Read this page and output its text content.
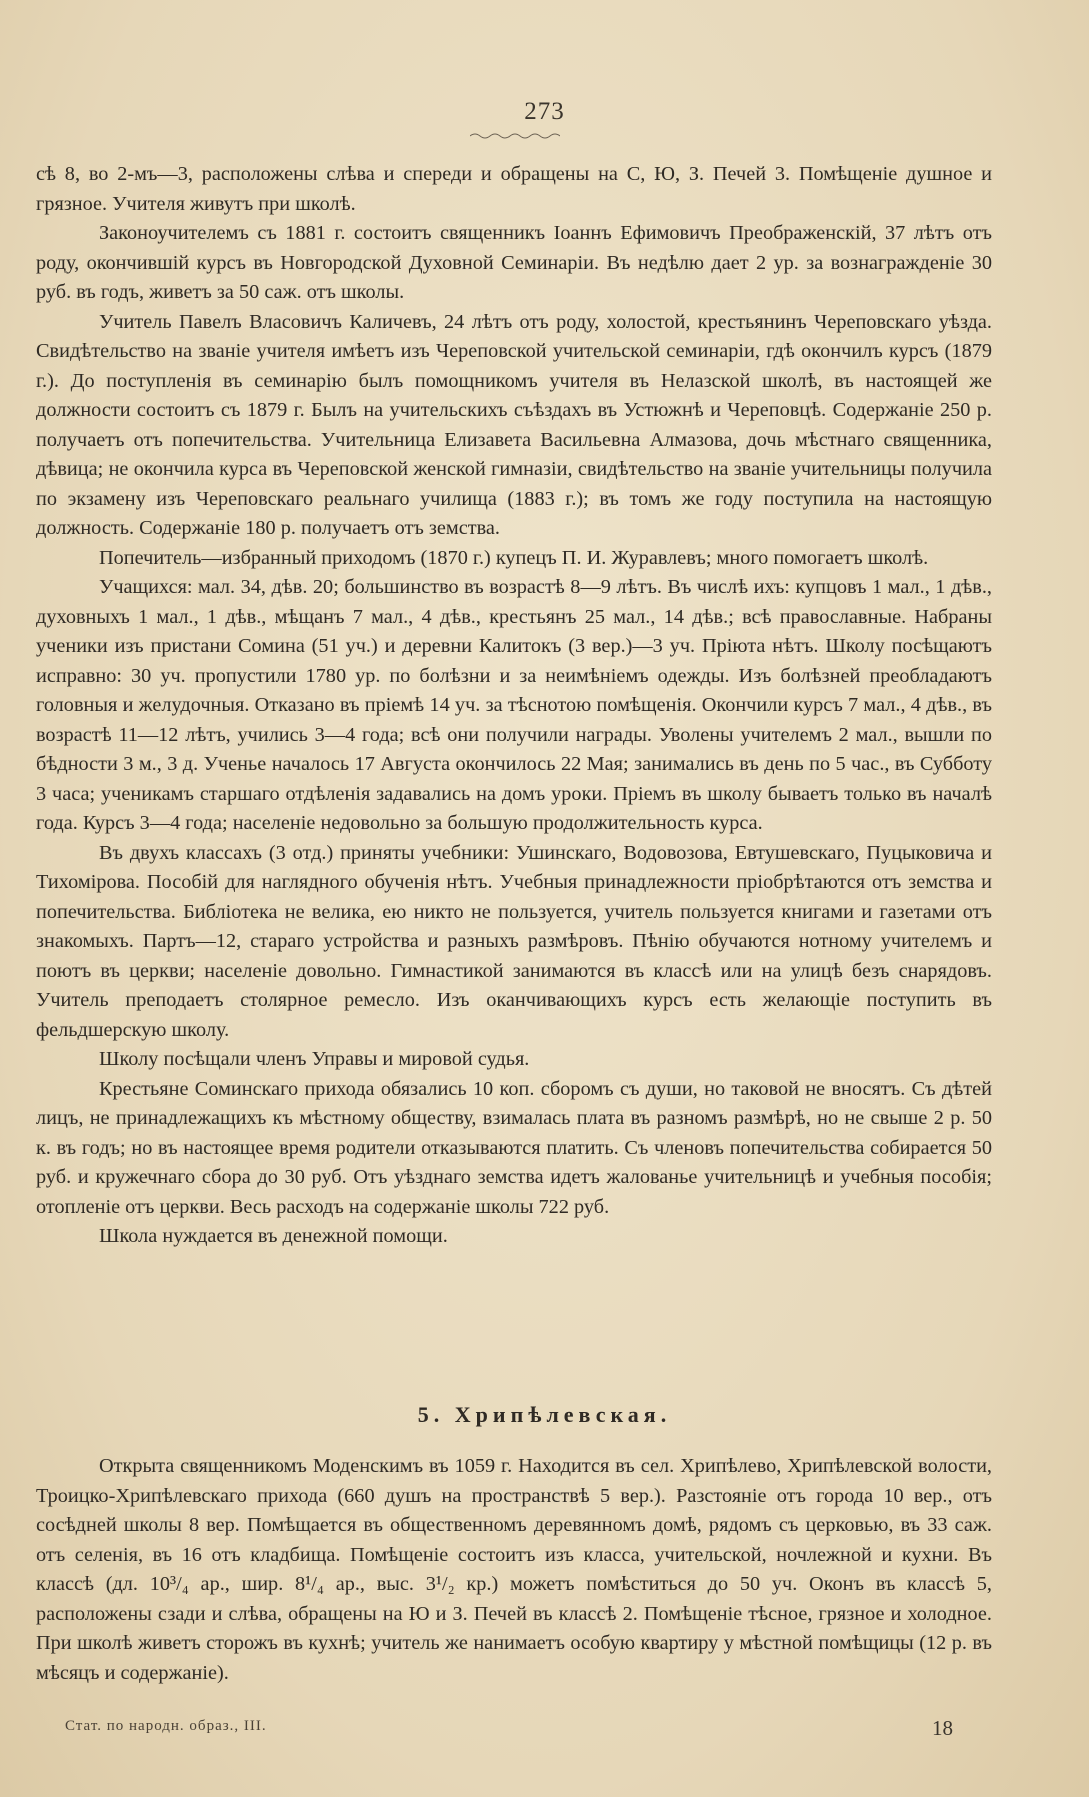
273

сѣ 8, во 2-мъ—3, расположены слѣва и спереди и обращены на С, Ю, З. Печей 3. Помѣщеніе душное и грязное. Учителя живутъ при школѣ.

Законоучителемъ съ 1881 г. состоитъ священникъ Іоаннъ Ефимовичъ Преображенскій, 37 лѣтъ отъ роду, окончившій курсъ въ Новгородской Духовной Семинаріи. Въ недѣлю дает 2 ур. за вознагражденіе 30 руб. въ годъ, живетъ за 50 саж. отъ школы.

Учитель Павелъ Власовичъ Каличевъ, 24 лѣтъ отъ роду, холостой, крестьянинъ Череповскаго уѣзда. Свидѣтельство на званіе учителя имѣетъ изъ Череповской учительской семинаріи, гдѣ окончилъ курсъ (1879 г.). До поступленія въ семинарію былъ помощникомъ учителя въ Нелазской школѣ, въ настоящей же должности состоитъ съ 1879 г. Былъ на учительскихъ съѣздахъ въ Устюжнѣ и Череповцѣ. Содержаніе 250 р. получаетъ отъ попечительства. Учительница Елизавета Васильевна Алмазова, дочь мѣстнаго священника, дѣвица; не окончила курса въ Череповской женской гимназіи, свидѣтельство на званіе учительницы получила по экзамену изъ Череповскаго реальнаго училища (1883 г.); въ томъ же году поступила на настоящую должность. Содержаніе 180 р. получаетъ отъ земства.

Попечитель—избранный приходомъ (1870 г.) купецъ П. И. Журавлевъ; много помогаетъ школѣ.

Учащихся: мал. 34, дѣв. 20; большинство въ возрастѣ 8—9 лѣтъ. Въ числѣ ихъ: купцовъ 1 мал., 1 дѣв., духовныхъ 1 мал., 1 дѣв., мѣщанъ 7 мал., 4 дѣв., крестьянъ 25 мал., 14 дѣв.; всѣ православные. Набраны ученики изъ пристани Сомина (51 уч.) и деревни Калитокъ (3 вер.)—3 уч. Пріюта нѣтъ. Школу посѣщаютъ исправно: 30 уч. пропустили 1780 ур. по болѣзни и за неимѣніемъ одежды. Изъ болѣзней преобладаютъ головныя и желудочныя. Отказано въ пріемѣ 14 уч. за тѣснотою помѣщенія. Окончили курсъ 7 мал., 4 дѣв., въ возрастѣ 11—12 лѣтъ, учились 3—4 года; всѣ они получили награды. Уволены учителемъ 2 мал., вышли по бѣдности 3 м., 3 д. Ученье началось 17 Августа окончилось 22 Мая; занимались въ день по 5 час., въ Субботу 3 часа; ученикамъ старшаго отдѣленія задавались на домъ уроки. Пріемъ въ школу бываетъ только въ началѣ года. Курсъ 3—4 года; населеніе недовольно за большую продолжительность курса.

Въ двухъ классахъ (3 отд.) приняты учебники: Ушинскаго, Водовозова, Евтушевскаго, Пуцыковича и Тихомірова. Пособій для наглядного обученія нѣтъ. Учебныя принадлежности пріобрѣтаются отъ земства и попечительства. Библіотека не велика, ею никто не пользуется, учитель пользуется книгами и газетами отъ знакомыхъ. Партъ—12, стараго устройства и разныхъ размѣровъ. Пѣнію обучаются нотному учителемъ и поютъ въ церкви; населеніе довольно. Гимнастикой занимаются въ классѣ или на улицѣ безъ снарядовъ. Учитель преподаетъ столярное ремесло. Изъ оканчивающихъ курсъ есть желающіе поступить въ фельдшерскую школу.

Школу посѣщали членъ Управы и мировой судья.

Крестьяне Соминскаго прихода обязались 10 коп. сборомъ съ души, но таковой не вносятъ. Съ дѣтей лицъ, не принадлежащихъ къ мѣстному обществу, взималась плата въ разномъ размѣрѣ, но не свыше 2 р. 50 к. въ годъ; но въ настоящее время родители отказываются платить. Съ членовъ попечительства собирается 50 руб. и кружечнаго сбора до 30 руб. Отъ уѣзднаго земства идетъ жалованье учительницѣ и учебныя пособія; отопленіе отъ церкви. Весь расходъ на содержаніе школы 722 руб.

Школа нуждается въ денежной помощи.

5. Хрипѣлевская.

Открыта священникомъ Моденскимъ въ 1059 г. Находится въ сел. Хрипѣлево, Хрипѣлевской волости, Троицко-Хрипѣлевскаго прихода (660 душъ на пространствѣ 5 вер.). Разстояніе отъ города 10 вер., отъ сосѣдней школы 8 вер. Помѣщается въ общественномъ деревянномъ домѣ, рядомъ съ церковью, въ 33 саж. отъ селенія, въ 16 отъ кладбища. Помѣщеніе состоитъ изъ класса, учительской, ночлежной и кухни. Въ классѣ (дл. 10³/₄ ар., шир. 8¹/₄ ар., выс. 3¹/₂ кр.) можетъ помѣститься до 50 уч. Оконъ въ классѣ 5, расположены сзади и слѣва, обращены на Ю и З. Печей въ классѣ 2. Помѣщеніе тѣсное, грязное и холодное. При школѣ живетъ сторожъ въ кухнѣ; учитель же нанимаетъ особую квартиру у мѣстной помѣщицы (12 р. въ мѣсяцъ и содержаніе).

Стат. по народн. образ., III.	18
